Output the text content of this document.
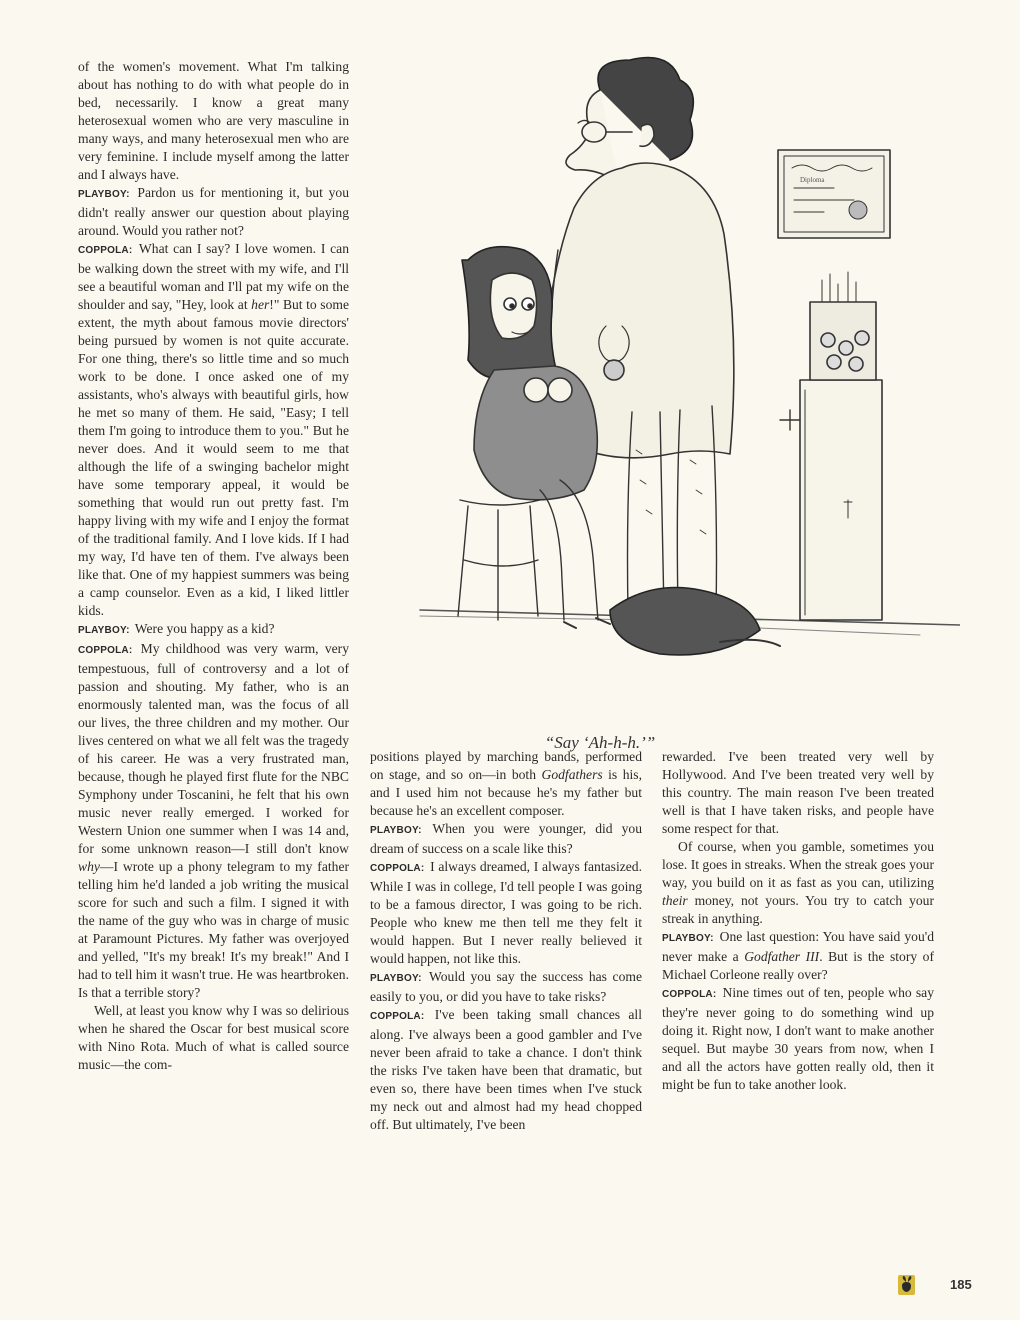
of the women's movement. What I'm talking about has nothing to do with what people do in bed, necessarily. I know a great many heterosexual women who are very masculine in many ways, and many heterosexual men who are very feminine. I include myself among the latter and I always have.

PLAYBOY: Pardon us for mentioning it, but you didn't really answer our question about playing around. Would you rather not?

COPPOLA: What can I say? I love women. I can be walking down the street with my wife, and I'll see a beautiful woman and I'll pat my wife on the shoulder and say, "Hey, look at her!" But to some extent, the myth about famous movie directors' being pursued by women is not quite accurate. For one thing, there's so little time and so much work to be done. I once asked one of my assistants, who's always with beautiful girls, how he met so many of them. He said, "Easy; I tell them I'm going to introduce them to you." But he never does. And it would seem to me that although the life of a swinging bachelor might have some temporary appeal, it would be something that would run out pretty fast. I'm happy living with my wife and I enjoy the format of the traditional family. And I love kids. If I had my way, I'd have ten of them. I've always been like that. One of my happiest summers was being a camp counselor. Even as a kid, I liked littler kids.

PLAYBOY: Were you happy as a kid?

COPPOLA: My childhood was very warm, very tempestuous, full of controversy and a lot of passion and shouting. My father, who is an enormously talented man, was the focus of all our lives, the three children and my mother. Our lives centered on what we all felt was the tragedy of his career. He was a very frustrated man, because, though he played first flute for the NBC Symphony under Toscanini, he felt that his own music never really emerged. I worked for Western Union one summer when I was 14 and, for some unknown reason—I still don't know why—I wrote up a phony telegram to my father telling him he'd landed a job writing the musical score for such and such a film. I signed it with the name of the guy who was in charge of music at Paramount Pictures. My father was overjoyed and yelled, "It's my break! It's my break!" And I had to tell him it wasn't true. He was heartbroken. Is that a terrible story?

Well, at least you know why I was so delirious when he shared the Oscar for best musical score with Nino Rota. Much of what is called source music—the com-

Diploma
“Say ‘Ah-h-h.’”

positions played by marching bands, performed on stage, and so on—in both Godfathers is his, and I used him not because he's my father but because he's an excellent composer.

PLAYBOY: When you were younger, did you dream of success on a scale like this?

COPPOLA: I always dreamed, I always fantasized. While I was in college, I'd tell people I was going to be a famous director, I was going to be rich. People who knew me then tell me they felt it would happen. But I never really believed it would happen, not like this.

PLAYBOY: Would you say the success has come easily to you, or did you have to take risks?

COPPOLA: I've been taking small chances all along. I've always been a good gambler and I've never been afraid to take a chance. I don't think the risks I've taken have been that dramatic, but even so, there have been times when I've stuck my neck out and almost had my head chopped off. But ultimately, I've been

rewarded. I've been treated very well by Hollywood. And I've been treated very well by this country. The main reason I've been treated well is that I have taken risks, and people have some respect for that.

Of course, when you gamble, sometimes you lose. It goes in streaks. When the streak goes your way, you build on it as fast as you can, utilizing their money, not yours. You try to catch your streak in anything.

PLAYBOY: One last question: You have said you'd never make a Godfather III. But is the story of Michael Corleone really over?

COPPOLA: Nine times out of ten, people who say they're never going to do something wind up doing it. Right now, I don't want to make another sequel. But maybe 30 years from now, when I and all the actors have gotten really old, then it might be fun to take another look.

185
